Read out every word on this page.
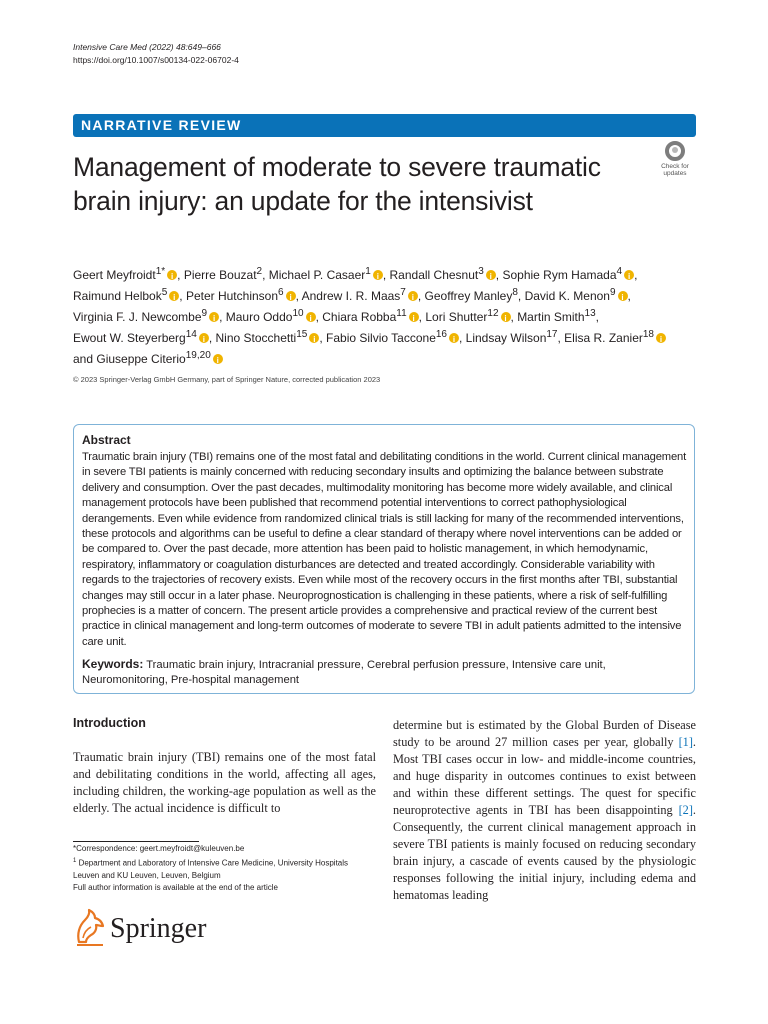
Intensive Care Med (2022) 48:649–666
https://doi.org/10.1007/s00134-022-06702-4
NARRATIVE REVIEW
Check for
updates
Management of moderate to severe traumatic brain injury: an update for the intensivist
Geert Meyfroidt$^{1*}$ i , Pierre Bouzat$^2$, Michael P. Casaer$^1$ i , Randall Chesnut$^3$ i , Sophie Rym Hamada$^4$ i , Raimund Helbok$^5$ i , Peter Hutchinson$^6$ i , Andrew I. R. Maas$^7$ i , Geoffrey Manley$^8$, David K. Menon$^9$ i , Virginia F. J. Newcombe$^9$ i , Mauro Oddo$^{10}$ i , Chiara Robba$^{11}$ i , Lori Shutter$^{12}$ i , Martin Smith$^{13}$, Ewout W. Steyerberg$^{14}$ i , Nino Stocchetti$^{15}$ i , Fabio Silvio Taccone$^{16}$ i , Lindsay Wilson$^{17}$, Elisa R. Zanier$^{18}$i and Giuseppe Citerio$^{19,20}$i
© 2023 Springer-Verlag GmbH Germany, part of Springer Nature, corrected publication 2023
Abstract
Traumatic brain injury (TBI) remains one of the most fatal and debilitating conditions in the world. Current clinical management in severe TBI patients is mainly concerned with reducing secondary insults and optimizing the balance between substrate delivery and consumption. Over the past decades, multimodality monitoring has become more widely available, and clinical management protocols have been published that recommend potential interventions to correct pathophysiological derangements. Even while evidence from randomized clinical trials is still lacking for many of the recommended interventions, these protocols and algorithms can be useful to define a clear standard of therapy where novel interventions can be added or be compared to. Over the past decade, more attention has been paid to holistic management, in which hemodynamic, respiratory, inflammatory or coagulation disturbances are detected and treated accordingly. Considerable variability with regards to the trajectories of recovery exists. Even while most of the recovery occurs in the first months after TBI, substantial changes may still occur in a later phase. Neuroprognostication is challenging in these patients, where a risk of self-fulfilling prophecies is a matter of concern. The present article provides a comprehensive and practical review of the current best practice in clinical management and long-term outcomes of moderate to severe TBI in adult patients admitted to the intensive care unit.
Keywords: Traumatic brain injury, Intracranial pressure, Cerebral perfusion pressure, Intensive care unit, Neuromonitoring, Pre-hospital management
Introduction
Traumatic brain injury (TBI) remains one of the most fatal and debilitating conditions in the world, affecting all ages, including children, the working-age population as well as the elderly. The actual incidence is difficult to
determine but is estimated by the Global Burden of Disease study to be around 27 million cases per year, globally [1]. Most TBI cases occur in low- and middle-income countries, and huge disparity in outcomes continues to exist between and within these different settings. The quest for specific neuroprotective agents in TBI has been disappointing [2]. Consequently, the current clinical management approach in severe TBI patients is mainly focused on reducing secondary brain injury, a cascade of events caused by the physiologic responses following the initial injury, including edema and hematomas leading
*Correspondence: geert.meyfroidt@kuleuven.be
$^1$ Department and Laboratory of Intensive Care Medicine, University Hospitals Leuven and KU Leuven, Leuven, Belgium
Full author information is available at the end of the article
Springer
